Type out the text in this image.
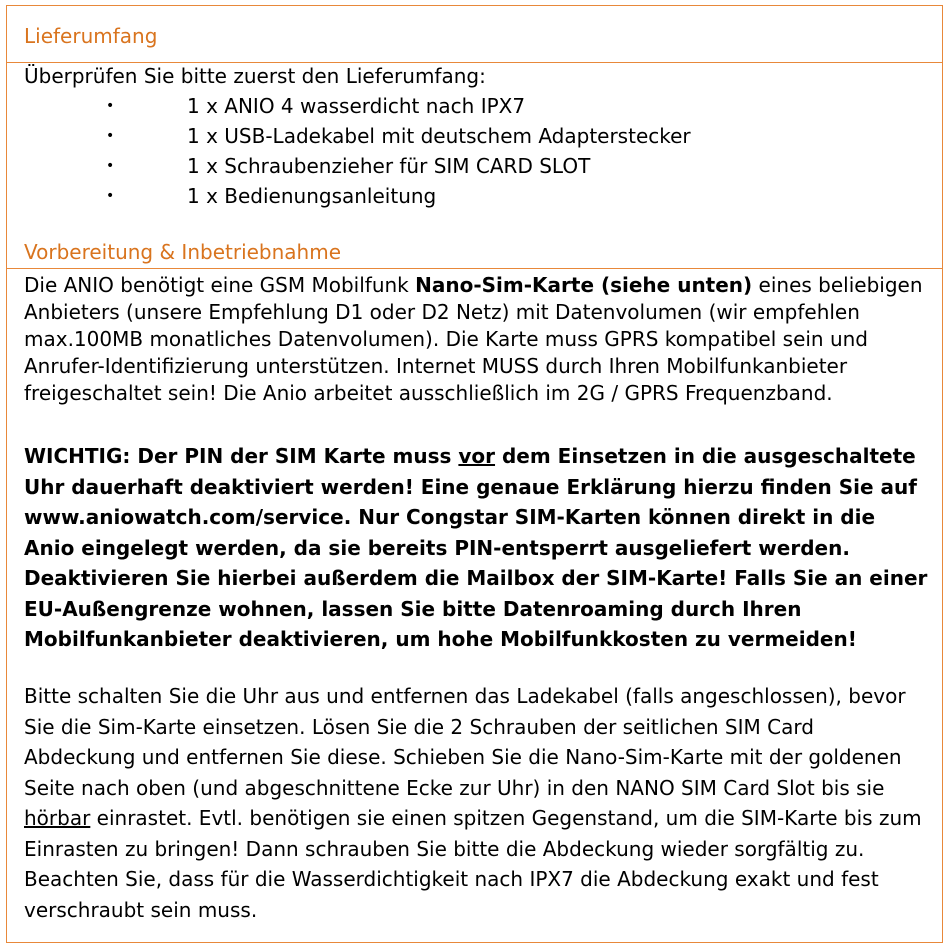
Lieferumfang
Überprüfen Sie bitte zuerst den Lieferumfang:
•	1 x ANIO 4 wasserdicht nach IPX7
•	1 x USB-Ladekabel mit deutschem Adapterstecker
•	1 x Schraubenzieher für SIM CARD SLOT
•	1 x Bedienungsanleitung
Vorbereitung & Inbetriebnahme
Die ANIO benötigt eine GSM Mobilfunk Nano-Sim-Karte (siehe unten) eines beliebigen Anbieters (unsere Empfehlung D1 oder D2 Netz) mit Datenvolumen (wir empfehlen max.100MB monatliches Datenvolumen). Die Karte muss GPRS kompatibel sein und Anrufer-Identifizierung unterstützen. Internet MUSS durch Ihren Mobilfunkanbieter freigeschaltet sein! Die Anio arbeitet ausschließlich im 2G / GPRS Frequenzband.
WICHTIG: Der PIN der SIM Karte muss vor dem Einsetzen in die ausgeschaltete Uhr dauerhaft deaktiviert werden! Eine genaue Erklärung hierzu finden Sie auf www.aniowatch.com/service. Nur Congstar SIM-Karten können direkt in die Anio eingelegt werden, da sie bereits PIN-entsperrt ausgeliefert werden. Deaktivieren Sie hierbei außerdem die Mailbox der SIM-Karte! Falls Sie an einer EU-Außengrenze wohnen, lassen Sie bitte Datenroaming durch Ihren Mobilfunkanbieter deaktivieren, um hohe Mobilfunkkosten zu vermeiden!
Bitte schalten Sie die Uhr aus und entfernen das Ladekabel (falls angeschlossen), bevor Sie die Sim-Karte einsetzen. Lösen Sie die 2 Schrauben der seitlichen SIM Card Abdeckung und entfernen Sie diese. Schieben Sie die Nano-Sim-Karte mit der goldenen Seite nach oben (und abgeschnittene Ecke zur Uhr) in den NANO SIM Card Slot bis sie hörbar einrastet. Evtl. benötigen sie einen spitzen Gegenstand, um die SIM-Karte bis zum Einrasten zu bringen! Dann schrauben Sie bitte die Abdeckung wieder sorgfältig zu. Beachten Sie, dass für die Wasserdichtigkeit nach IPX7 die Abdeckung exakt und fest verschraubt sein muss.
